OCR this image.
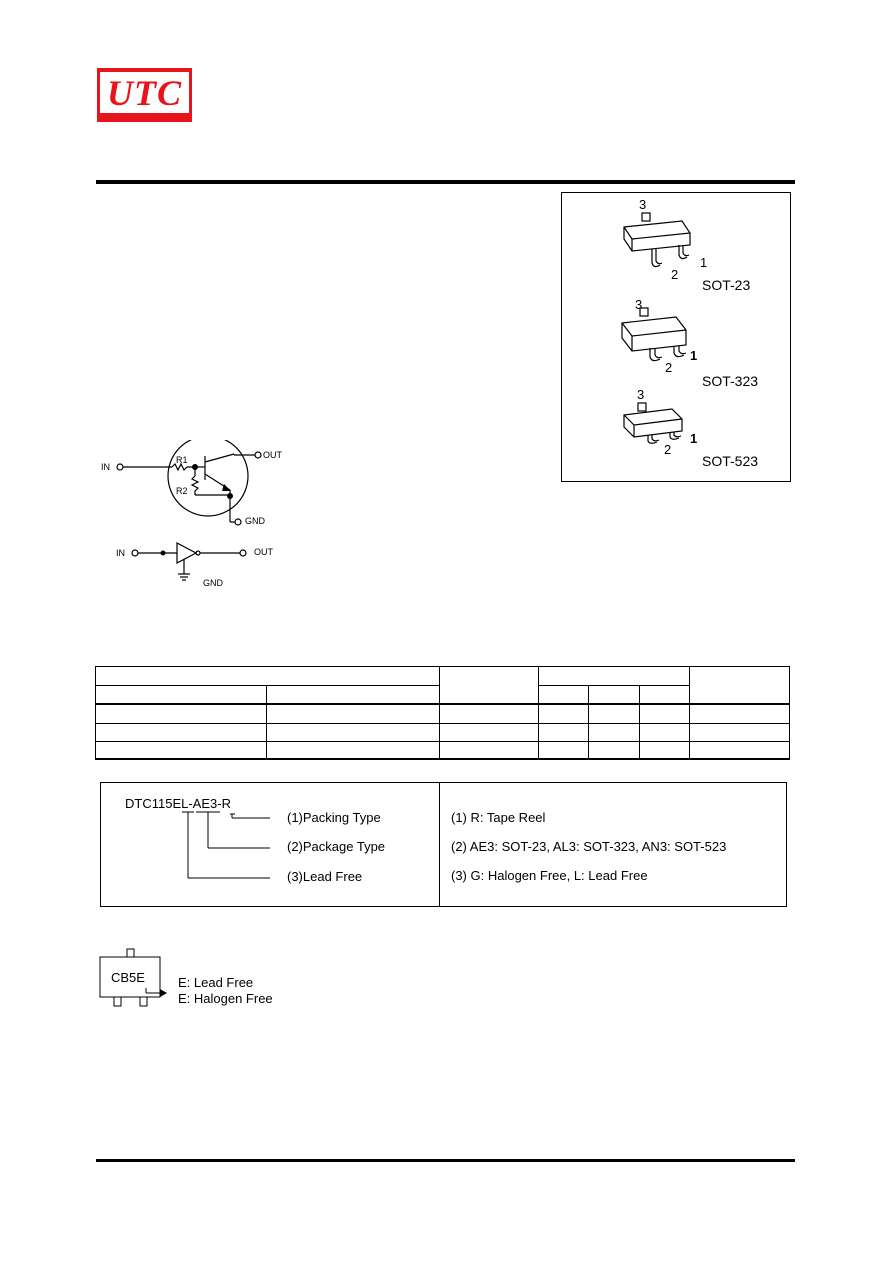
UTC
3
2
1
SOT-23
3
2
1
SOT-323
3
2
1
SOT-523
IN
OUT
GND
R1
R2
IN	OUT
GND
DTC115EL-AE3-R
(1)Packing Type
(2)Package Type
(3)Lead Free
(1) R: Tape Reel
(2) AE3: SOT-23, AL3: SOT-323, AN3: SOT-523
(3) G: Halogen Free, L: Lead Free
CB5E	E: Lead Free
E: Halogen Free
